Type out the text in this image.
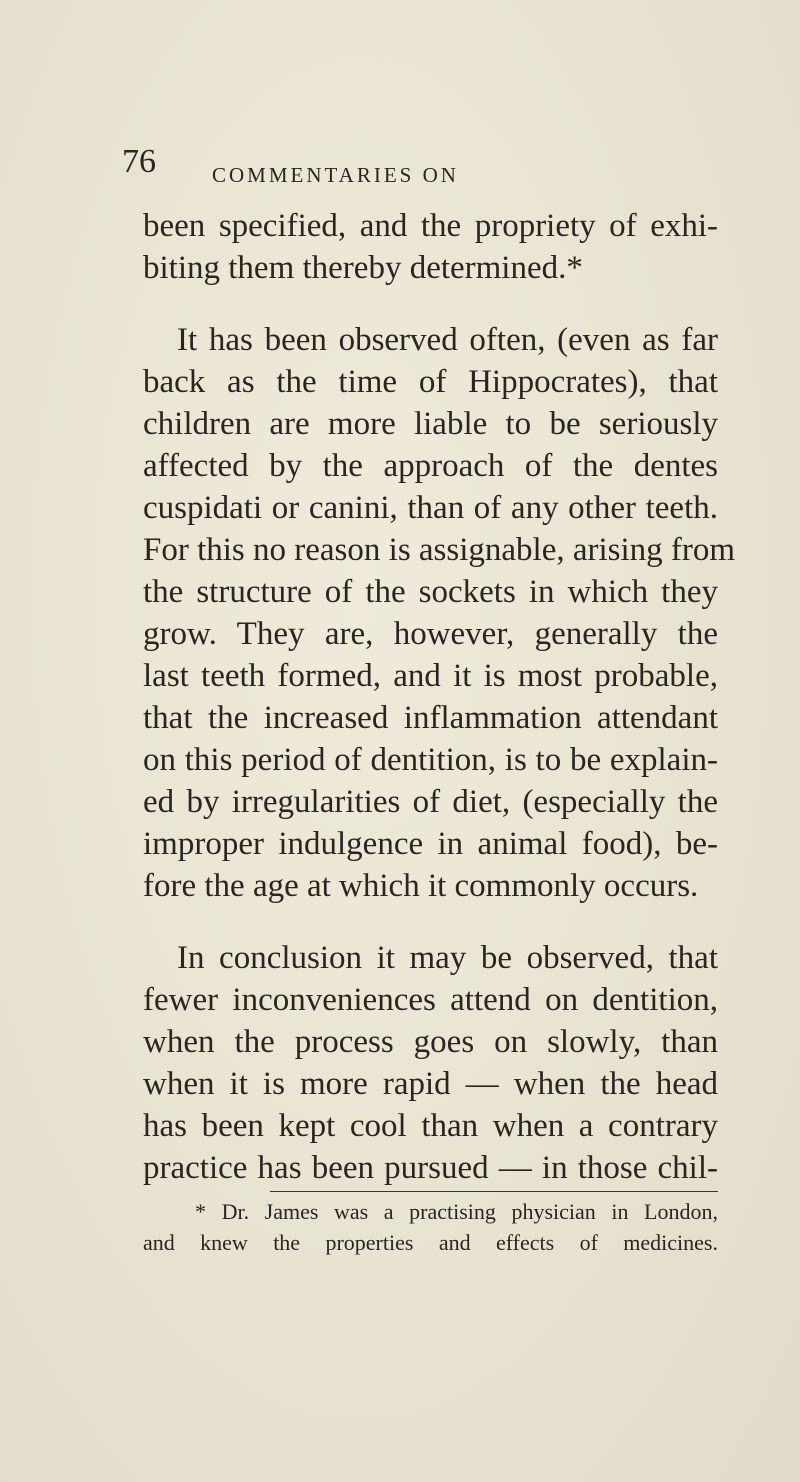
76	COMMENTARIES ON

been specified, and the propriety of exhi-
biting them thereby determined.*

It has been observed often, (even as far
back as the time of Hippocrates), that
children are more liable to be seriously
affected by the approach of the dentes
cuspidati or canini, than of any other teeth.
For this no reason is assignable, arising from
the structure of the sockets in which they
grow. They are, however, generally the
last teeth formed, and it is most probable,
that the increased inflammation attendant
on this period of dentition, is to be explain-
ed by irregularities of diet, (especially the
improper indulgence in animal food), be-
fore the age at which it commonly occurs.

In conclusion it may be observed, that
fewer inconveniences attend on dentition,
when the process goes on slowly, than
when it is more rapid — when the head
has been kept cool than when a contrary
practice has been pursued — in those chil-

* Dr. James was a practising physician in London,
and knew the properties and effects of medicines.
